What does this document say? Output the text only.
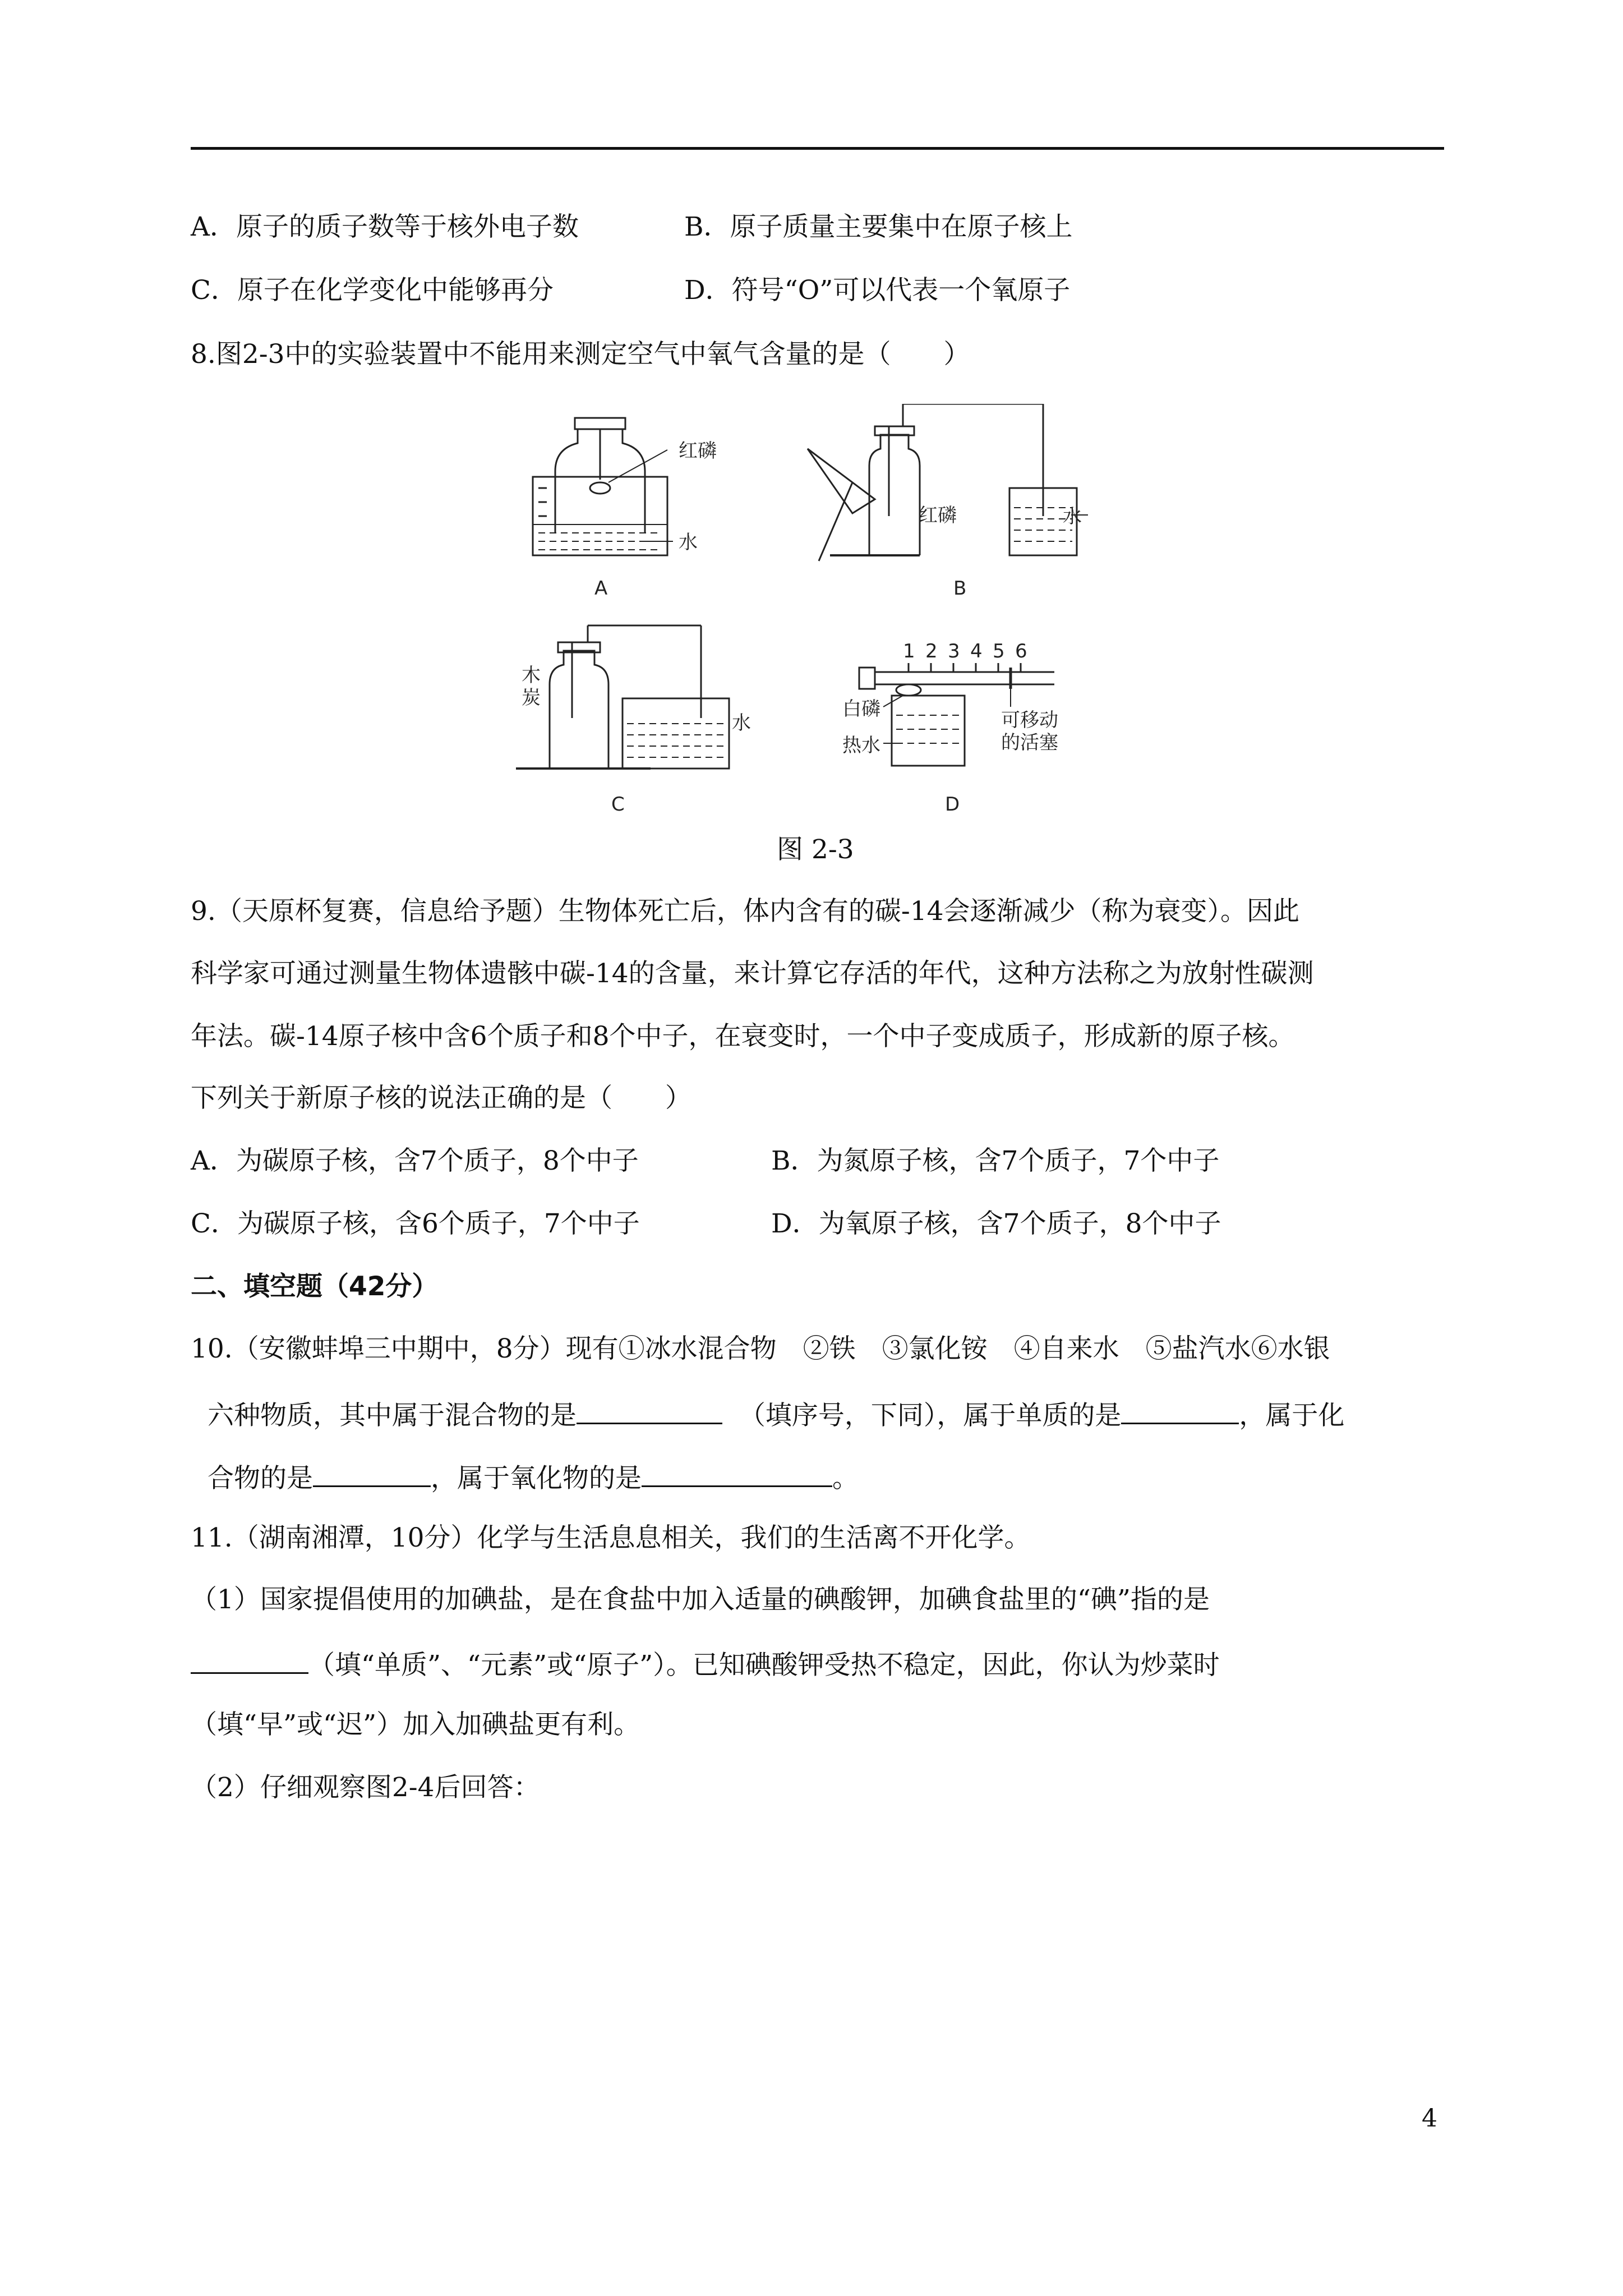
A．原子的质子数等于核外电子数	B．原子质量主要集中在原子核上
C．原子在化学变化中能够再分	D．符号“O”可以代表一个氧原子
8.图2-3中的实验装置中不能用来测定空气中氧气含量的是（　　）
红磷
水
A
红磷	水
B
木
炭
水
C
1 2 3 4 5 6
白磷
热水
可移动
的活塞
D
图 2-3
9.（天原杯复赛，信息给予题）生物体死亡后，体内含有的碳-14会逐渐减少（称为衰变）。因此
科学家可通过测量生物体遗骸中碳-14的含量，来计算它存活的年代，这种方法称之为放射性碳测
年法。碳-14原子核中含6个质子和8个中子，在衰变时，一个中子变成质子，形成新的原子核。
下列关于新原子核的说法正确的是（　　）
A．为碳原子核，含7个质子，8个中子	B．为氮原子核，含7个质子，7个中子
C．为碳原子核，含6个质子，7个中子	D．为氧原子核，含7个质子，8个中子
二、填空题（42分）
10.（安徽蚌埠三中期中，8分）现有①冰水混合物　②铁　③氯化铵　④自来水　⑤盐汽水⑥水银
六种物质，其中属于混合物的是	（填序号，下同），属于单质的是	，属于化
合物的是	，属于氧化物的是	。
11.（湖南湘潭，10分）化学与生活息息相关，我们的生活离不开化学。
（1）国家提倡使用的加碘盐，是在食盐中加入适量的碘酸钾，加碘食盐里的“碘”指的是
（填“单质”、“元素”或“原子”）。已知碘酸钾受热不稳定，因此，你认为炒菜时
（填“早”或“迟”）加入加碘盐更有利。
（2）仔细观察图2-4后回答：
4
